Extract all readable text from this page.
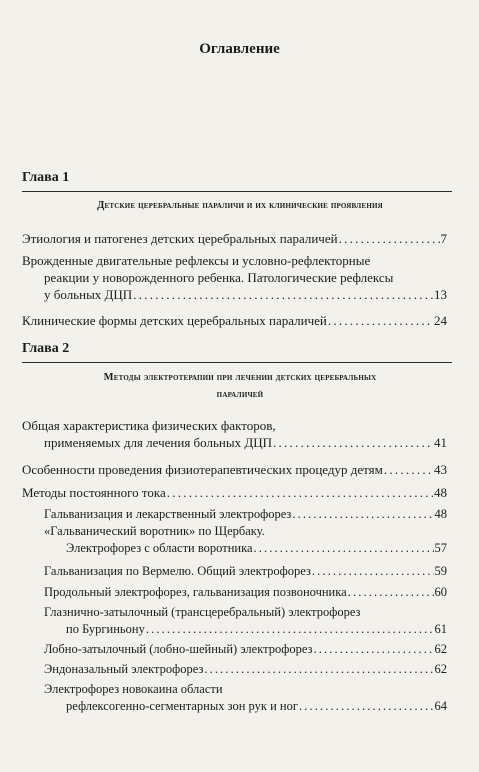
Оглавление
Глава 1
Детские церебральные параличи и их клинические проявления
Этиология и патогенез детских церебральных параличей . . .	7
Врожденные двигательные рефлексы и условно-рефлекторные
реакции у новорожденного ребенка. Патологические рефлексы
у больных ДЦП . . .	13
Клинические формы детских церебральных параличей . . .	24
Глава 2
Методы электротерапии при лечении детских церебральных
параличей
Общая характеристика физических факторов,
применяемых для лечения больных ДЦП . . .	41
Особенности проведения физиотерапевтических процедур детям . . .	43
Методы постоянного тока . . .	48
Гальванизация и лекарственный электрофорез . . .	48
«Гальванический воротник» по Щербаку.
Электрофорез с области воротника . . .	57
Гальванизация по Вермелю. Общий электрофорез . . .	59
Продольный электрофорез, гальванизация позвоночника . . .	60
Глазнично-затылочный (трансцеребральный) электрофорез
по Бургиньону . . .	61
Лобно-затылочный (лобно-шейный) электрофорез . . .	62
Эндоназальный электрофорез . . .	62
Электрофорез новокаина области
рефлексогенно-сегментарных зон рук и ног . . .	64
